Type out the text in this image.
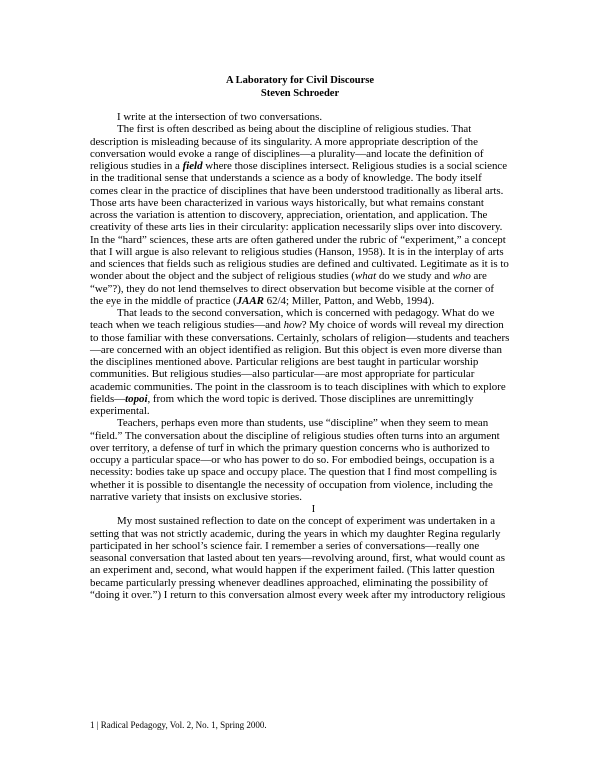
A Laboratory for Civil Discourse
Steven Schroeder

I write at the intersection of two conversations.

The first is often described as being about the discipline of religious studies. That description is misleading because of its singularity. A more appropriate description of the conversation would evoke a range of disciplines—a plurality—and locate the definition of religious studies in a field where those disciplines intersect. Religious studies is a social science in the traditional sense that understands a science as a body of knowledge. The body itself comes clear in the practice of disciplines that have been understood traditionally as liberal arts. Those arts have been characterized in various ways historically, but what remains constant across the variation is attention to discovery, appreciation, orientation, and application. The creativity of these arts lies in their circularity: application necessarily slips over into discovery. In the “hard” sciences, these arts are often gathered under the rubric of “experiment,” a concept that I will argue is also relevant to religious studies (Hanson, 1958). It is in the interplay of arts and sciences that fields such as religious studies are defined and cultivated. Legitimate as it is to wonder about the object and the subject of religious studies (what do we study and who are “we”?), they do not lend themselves to direct observation but become visible at the corner of the eye in the middle of practice (JAAR 62/4; Miller, Patton, and Webb, 1994).

That leads to the second conversation, which is concerned with pedagogy. What do we teach when we teach religious studies—and how? My choice of words will reveal my direction to those familiar with these conversations. Certainly, scholars of religion—students and teachers—are concerned with an object identified as religion. But this object is even more diverse than the disciplines mentioned above. Particular religions are best taught in particular worship communities. But religious studies—also particular—are most appropriate for particular academic communities. The point in the classroom is to teach disciplines with which to explore fields—topoi, from which the word topic is derived. Those disciplines are unremittingly experimental.

Teachers, perhaps even more than students, use “discipline” when they seem to mean “field.” The conversation about the discipline of religious studies often turns into an argument over territory, a defense of turf in which the primary question concerns who is authorized to occupy a particular space—or who has power to do so. For embodied beings, occupation is a necessity: bodies take up space and occupy place. The question that I find most compelling is whether it is possible to disentangle the necessity of occupation from violence, including the narrative variety that insists on exclusive stories.

I

My most sustained reflection to date on the concept of experiment was undertaken in a setting that was not strictly academic, during the years in which my daughter Regina regularly participated in her school’s science fair. I remember a series of conversations—really one seasonal conversation that lasted about ten years—revolving around, first, what would count as an experiment and, second, what would happen if the experiment failed. (This latter question became particularly pressing whenever deadlines approached, eliminating the possibility of “doing it over.”) I return to this conversation almost every week after my introductory religious

1 | Radical Pedagogy, Vol. 2, No. 1, Spring 2000.
